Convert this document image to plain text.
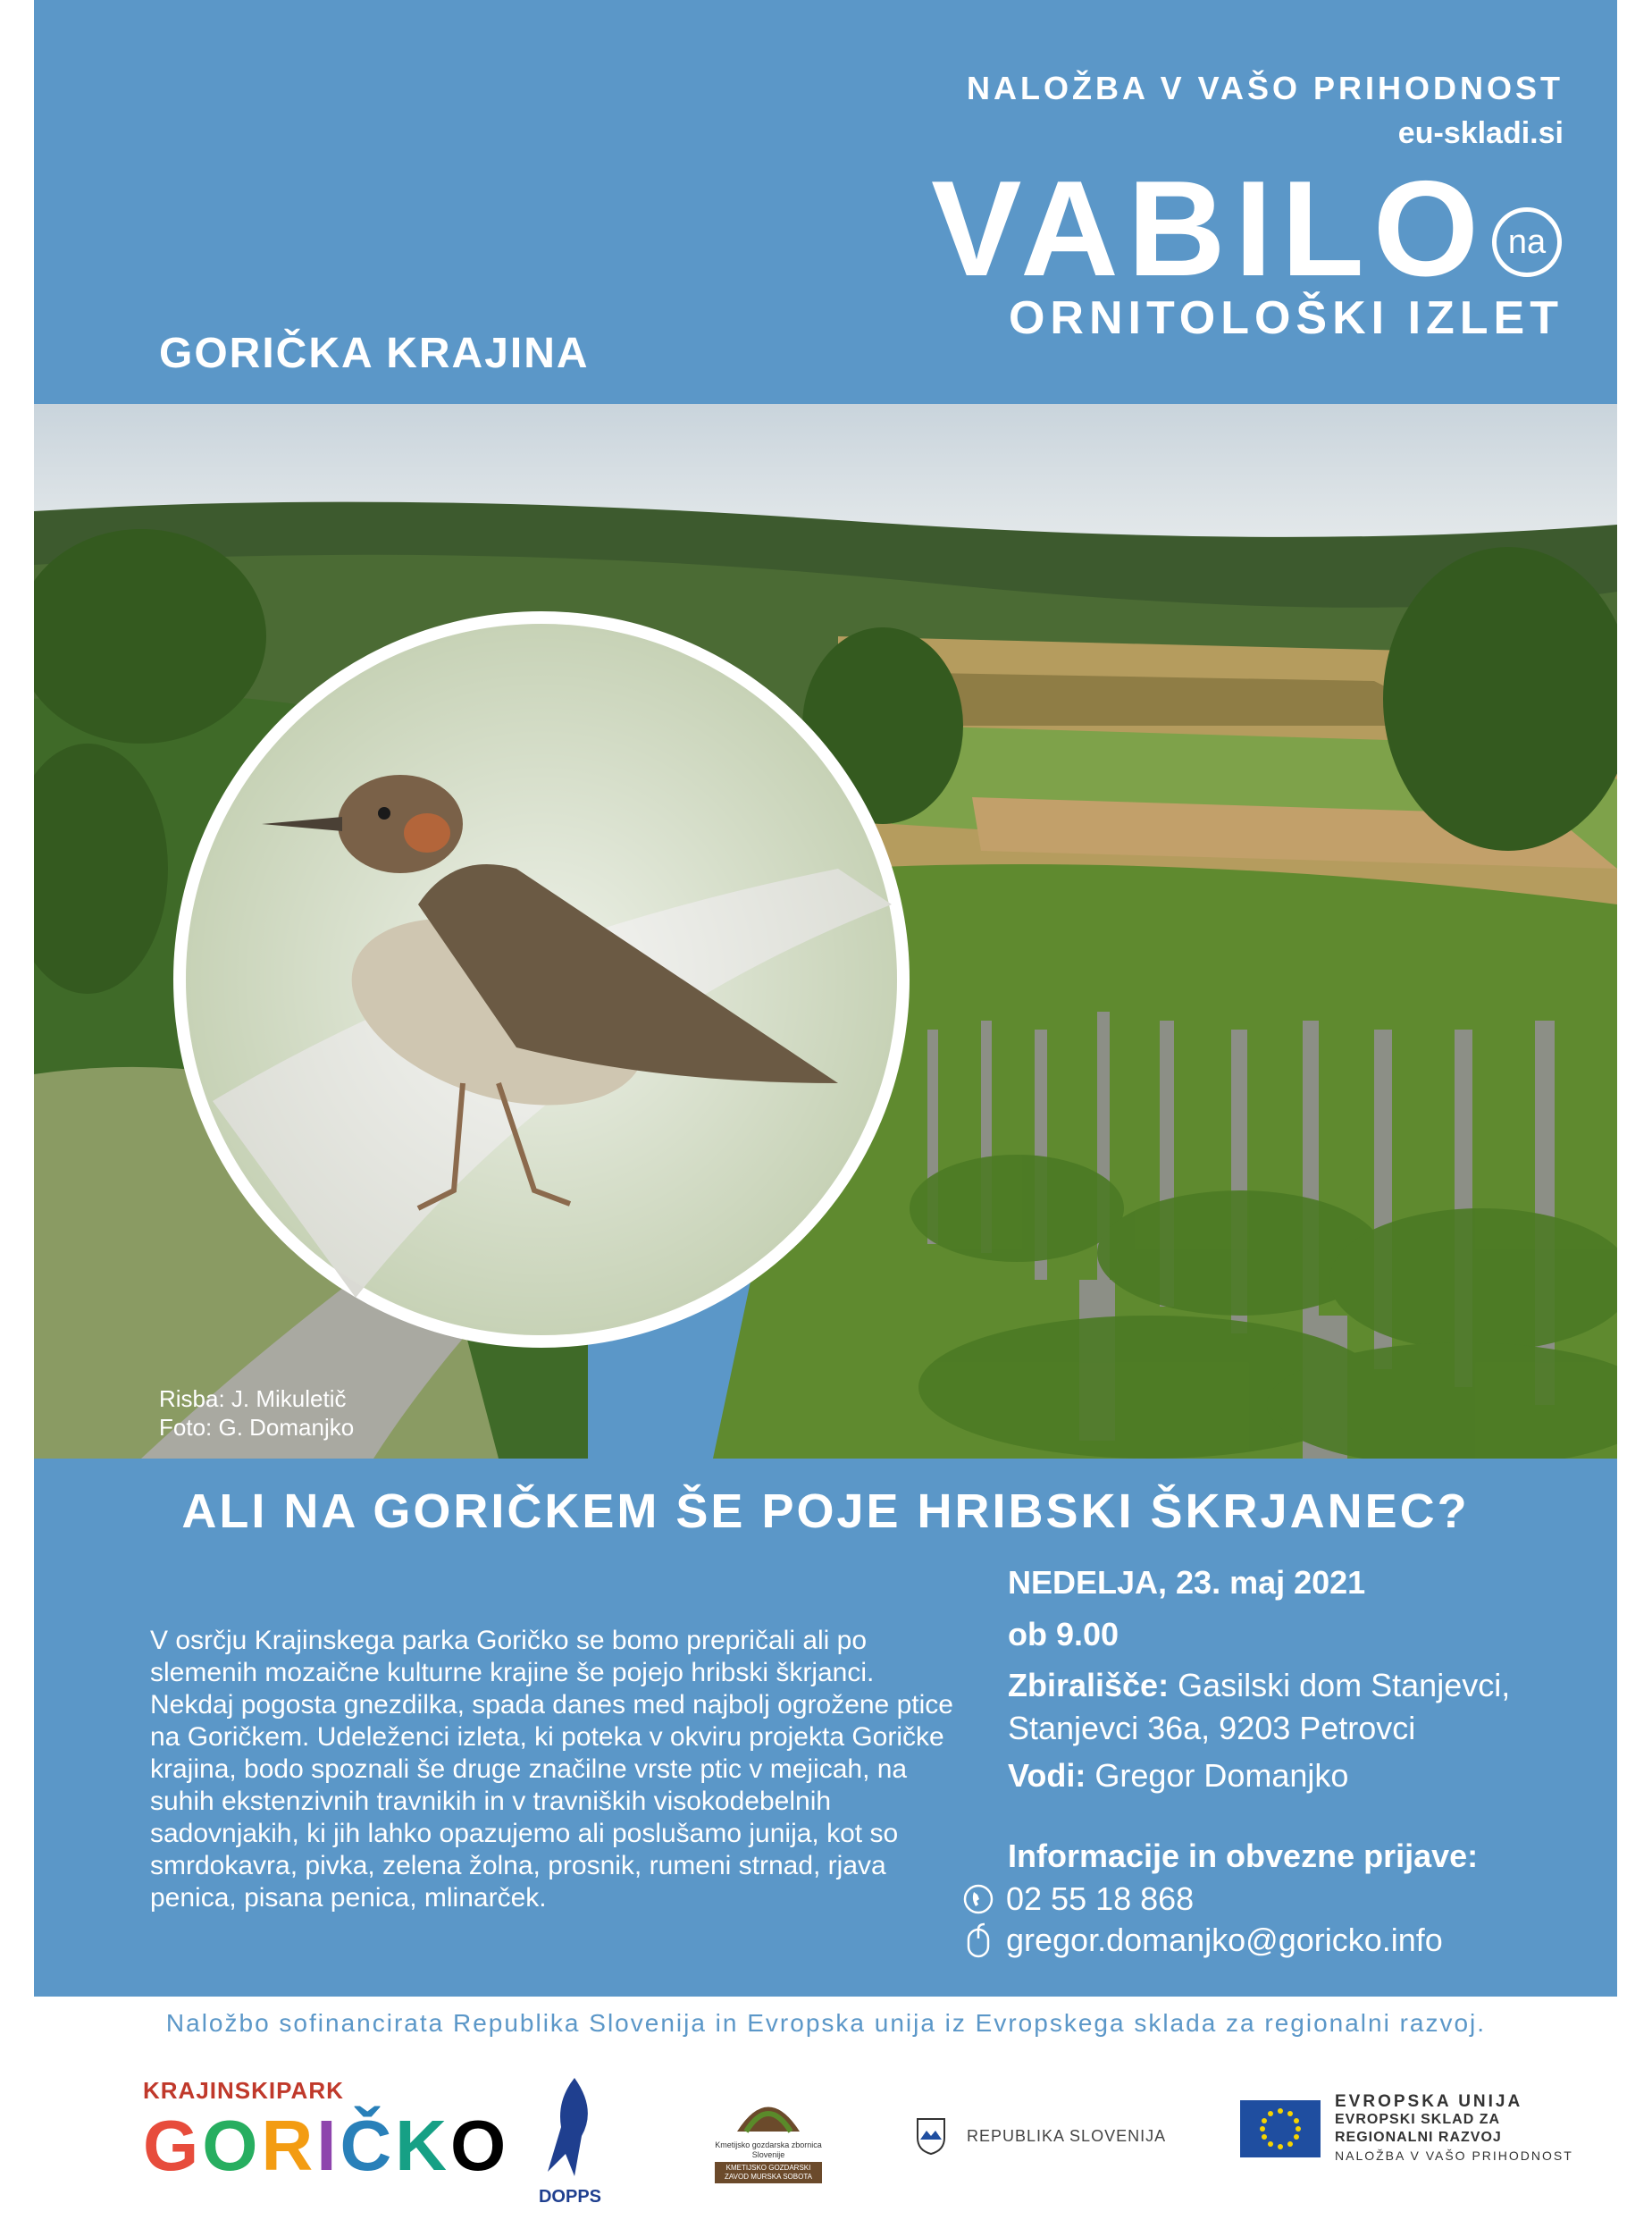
NALOŽBA V VAŠO PRIHODNOST
eu-skladi.si
VABILO na
ORNITOLOŠKI IZLET
GORIČKA KRAJINA
Risba: J. Mikuletič
Foto: G. Domanjko
ALI NA GORIČKEM ŠE POJE HRIBSKI ŠKRJANEC?
NEDELJA, 23. maj 2021
ob 9.00
Zbirališče: Gasilski dom Stanjevci, Stanjevci 36a, 9203 Petrovci
Vodi: Gregor Domanjko
Informacije in obvezne prijave:
02 55 18 868
gregor.domanjko@goricko.info
V osrčju Krajinskega parka Goričko se bomo prepričali ali po slemenih mozaične kulturne krajine še pojejo hribski škrjanci. Nekdaj pogosta gnezdilka, spada danes med najbolj ogrožene ptice na Goričkem. Udeleženci izleta, ki poteka v okviru projekta Goričke krajina, bodo spoznali še druge značilne vrste ptic v mejicah, na suhih ekstenzivnih travnikih in v travniških visokodebelnih sadovnjakih, ki jih lahko opazujemo ali poslušamo junija, kot so smrdokavra, pivka, zelena žolna, prosnik, rumeni strnad, rjava penica, pisana penica, mlinarček.
Naložbo sofinancirata Republika Slovenija in Evropska unija iz Evropskega sklada za regionalni razvoj.
KRAJINSKIPARK
GORIČKO
DOPPS
Kmetijsko gozdarska zbornica Slovenije
KMETIJSKO GOZDARSKI ZAVOD MURSKA SOBOTA
REPUBLIKA SLOVENIJA
EVROPSKA UNIJA
EVROPSKI SKLAD ZA
REGIONALNI RAZVOJ
NALOŽBA V VAŠO PRIHODNOST
